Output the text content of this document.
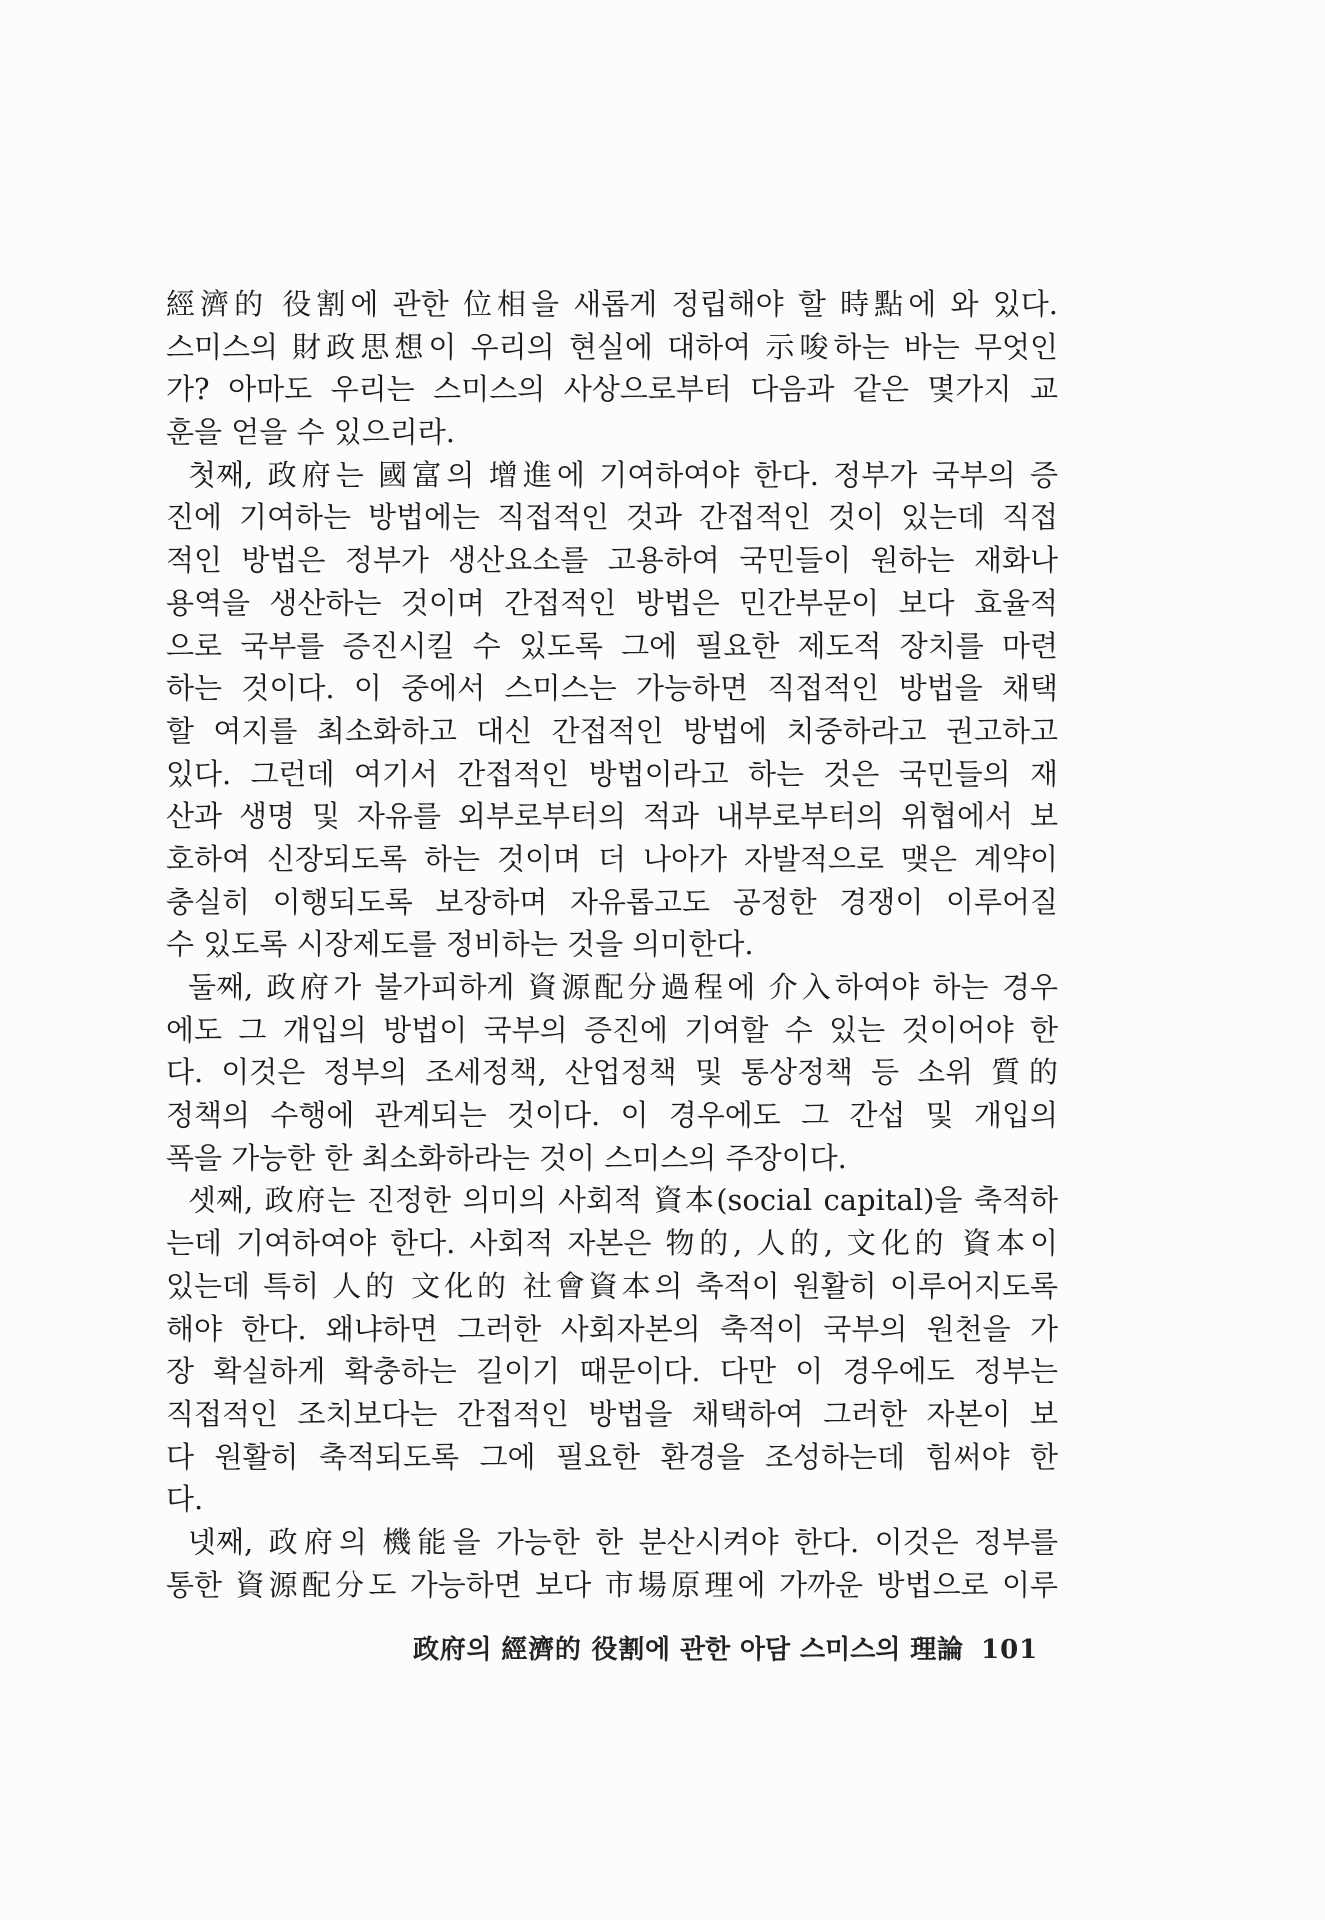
經濟的 役割에 관한 位相을 새롭게 정립해야 할 時點에 와 있다.
스미스의 財政思想이 우리의 현실에 대하여 示唆하는 바는 무엇인
가? 아마도 우리는 스미스의 사상으로부터 다음과 같은 몇가지 교
훈을 얻을 수 있으리라.
첫째, 政府는 國富의 增進에 기여하여야 한다. 정부가 국부의 증
진에 기여하는 방법에는 직접적인 것과 간접적인 것이 있는데 직접
적인 방법은 정부가 생산요소를 고용하여 국민들이 원하는 재화나
용역을 생산하는 것이며 간접적인 방법은 민간부문이 보다 효율적
으로 국부를 증진시킬 수 있도록 그에 필요한 제도적 장치를 마련
하는 것이다. 이 중에서 스미스는 가능하면 직접적인 방법을 채택
할 여지를 최소화하고 대신 간접적인 방법에 치중하라고 권고하고
있다. 그런데 여기서 간접적인 방법이라고 하는 것은 국민들의 재
산과 생명 및 자유를 외부로부터의 적과 내부로부터의 위협에서 보
호하여 신장되도록 하는 것이며 더 나아가 자발적으로 맺은 계약이
충실히 이행되도록 보장하며 자유롭고도 공정한 경쟁이 이루어질
수 있도록 시장제도를 정비하는 것을 의미한다.
둘째, 政府가 불가피하게 資源配分過程에 介入하여야 하는 경우
에도 그 개입의 방법이 국부의 증진에 기여할 수 있는 것이어야 한
다. 이것은 정부의 조세정책, 산업정책 및 통상정책 등 소위 質的
정책의 수행에 관계되는 것이다. 이 경우에도 그 간섭 및 개입의
폭을 가능한 한 최소화하라는 것이 스미스의 주장이다.
셋째, 政府는 진정한 의미의 사회적 資本(social capital)을 축적하
는데 기여하여야 한다. 사회적 자본은 物的, 人的, 文化的 資本이
있는데 특히 人的 文化的 社會資本의 축적이 원활히 이루어지도록
해야 한다. 왜냐하면 그러한 사회자본의 축적이 국부의 원천을 가
장 확실하게 확충하는 길이기 때문이다. 다만 이 경우에도 정부는
직접적인 조치보다는 간접적인 방법을 채택하여 그러한 자본이 보
다 원활히 축적되도록 그에 필요한 환경을 조성하는데 힘써야 한
다.
넷째, 政府의 機能을 가능한 한 분산시켜야 한다. 이것은 정부를
통한 資源配分도 가능하면 보다 市場原理에 가까운 방법으로 이루
政府의 經濟的 役割에 관한 아담 스미스의 理論 101
